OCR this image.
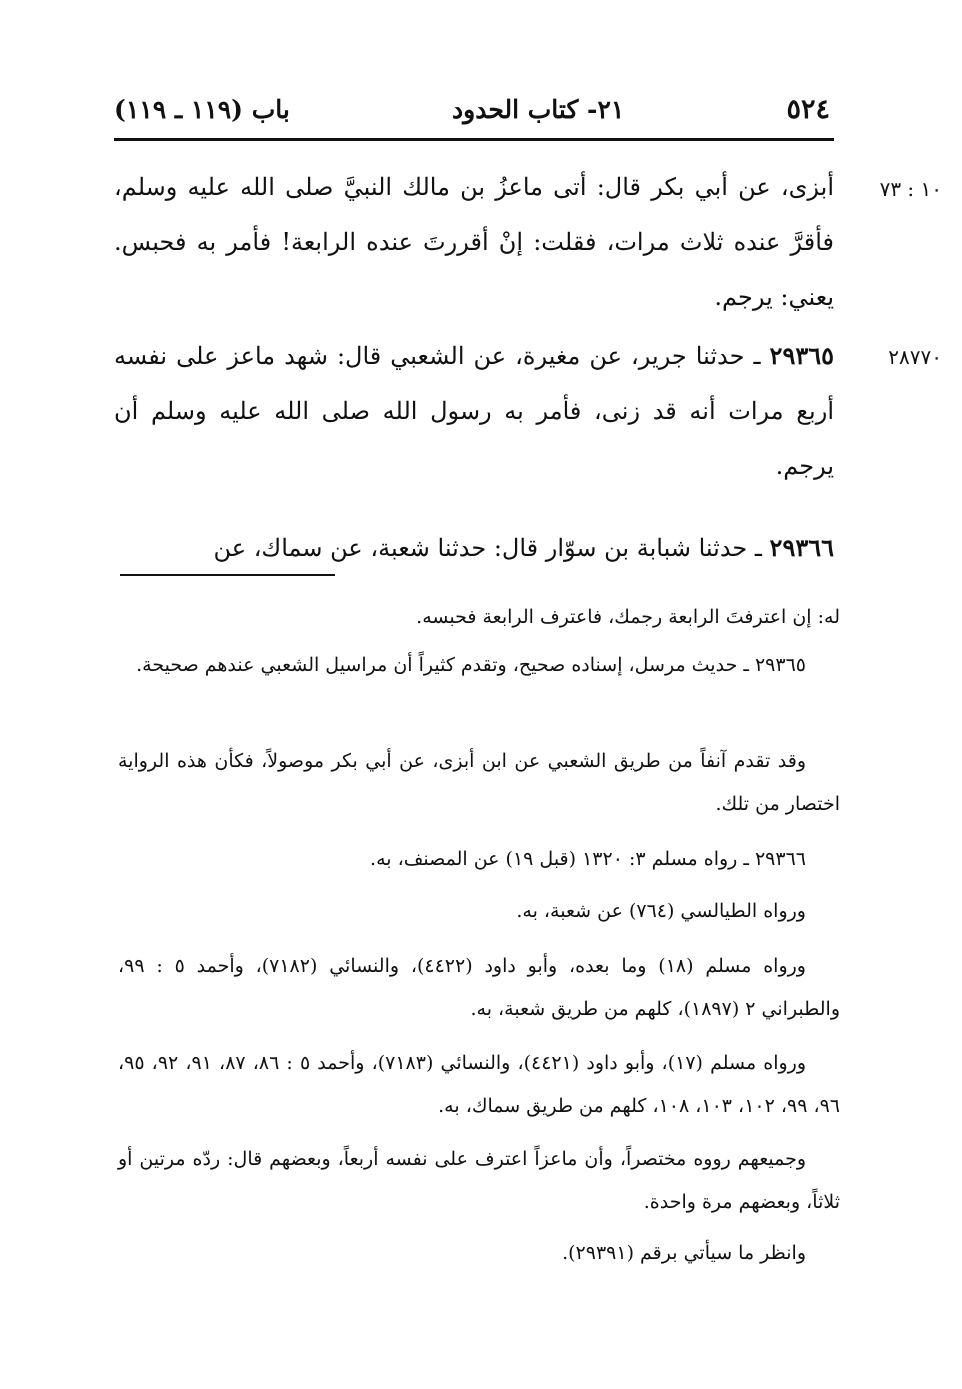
٥٢٤
٢١- كتاب الحدود
باب (١١٩ ـ ١١٩)
١٠ : ٧٣
٢٨٧٧٠
أبزى، عن أبي بكر قال: أتى ماعزُ بن مالك النبيَّ صلى الله عليه وسلم، فأقرَّ عنده ثلاث مرات، فقلت: إنْ أقررتَ عنده الرابعة! فأمر به فحبس. يعني: يرجم.
٢٩٣٦٥ ـ حدثنا جرير، عن مغيرة، عن الشعبي قال: شهد ماعز على نفسه أربع مرات أنه قد زنى، فأمر به رسول الله صلى الله عليه وسلم أن يرجم.
٢٩٣٦٦ ـ حدثنا شبابة بن سوّار قال: حدثنا شعبة، عن سماك، عن
له: إن اعترفتَ الرابعة رجمك، فاعترف الرابعة فحبسه.
٢٩٣٦٥ ـ حديث مرسل، إسناده صحيح، وتقدم كثيراً أن مراسيل الشعبي عندهم صحيحة.
وقد تقدم آنفاً من طريق الشعبي عن ابن أبزى، عن أبي بكر موصولاً، فكأن هذه الرواية اختصار من تلك.
٢٩٣٦٦ ـ رواه مسلم ٣: ١٣٢٠ (قبل ١٩) عن المصنف، به.
ورواه الطيالسي (٧٦٤) عن شعبة، به.
ورواه مسلم (١٨) وما بعده، وأبو داود (٤٤٢٢)، والنسائي (٧١٨٢)، وأحمد ٥ : ٩٩، والطبراني ٢ (١٨٩٧)، كلهم من طريق شعبة، به.
ورواه مسلم (١٧)، وأبو داود (٤٤٢١)، والنسائي (٧١٨٣)، وأحمد ٥ : ٨٦، ٨٧، ٩١، ٩٢، ٩٥، ٩٦، ٩٩، ١٠٢، ١٠٣، ١٠٨، كلهم من طريق سماك، به.
وجميعهم رووه مختصراً، وأن ماعزاً اعترف على نفسه أربعاً، وبعضهم قال: ردّه مرتين أو ثلاثاً، وبعضهم مرة واحدة.
وانظر ما سيأتي برقم (٢٩٣٩١).
